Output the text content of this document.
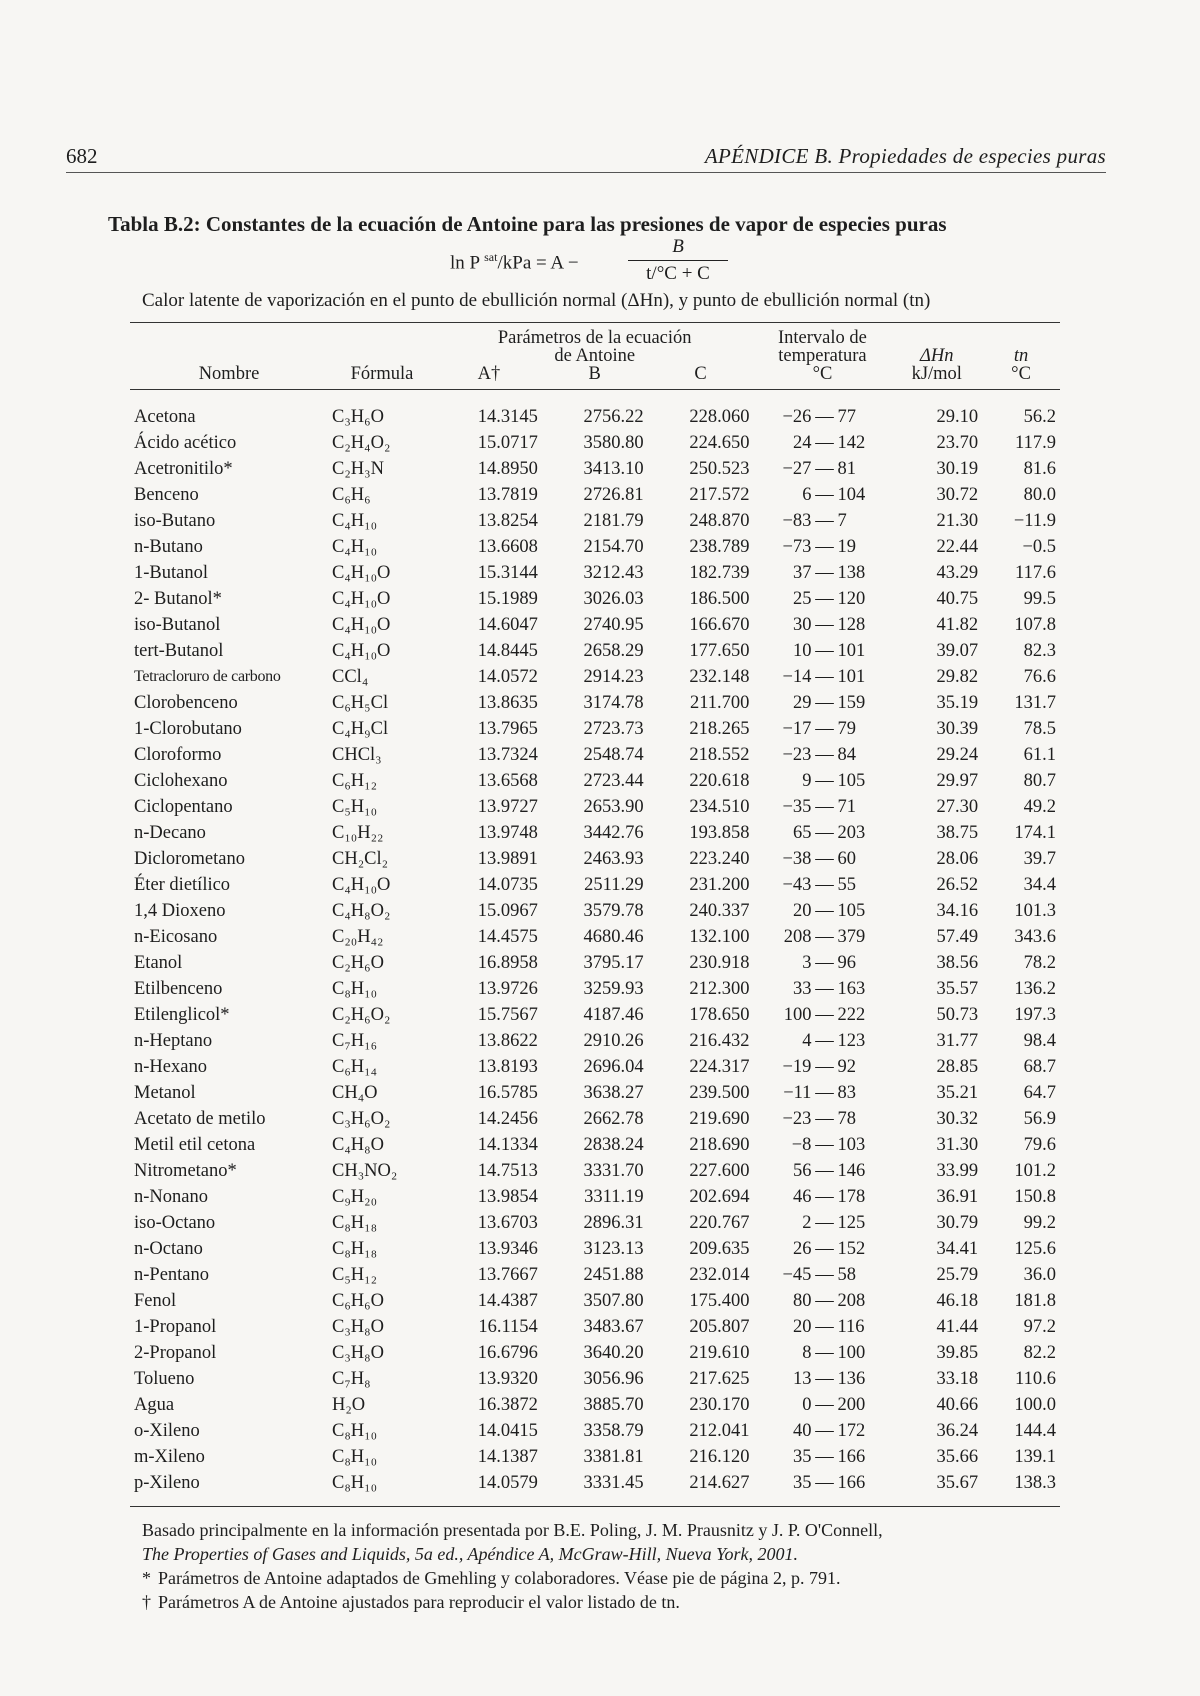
682	APÉNDICE B. Propiedades de especies puras
Tabla B.2: Constantes de la ecuación de Antoine para las presiones de vapor de especies puras
ln P $^{sat}$/kPa = A −
B
t/°C + C
Calor latente de vaporización en el punto de ebullición normal (ΔHn), y punto de ebullición normal (tn)
		Parámetros de la ecuación			Intervalo de		
		de Antoine			temperatura	ΔHn	tn
Nombre	Fórmula	A†	B	C	°C	kJ/mol	°C
Acetona	C₃H₆O	14.3145	2756.22	228.060	−26 — 77	29.10	56.2
Ácido acético	C₂H₄O₂	15.0717	3580.80	224.650	24 — 142	23.70	117.9
Acetronitilo*	C₂H₃N	14.8950	3413.10	250.523	−27 — 81	30.19	81.6
Benceno	C₆H₆	13.7819	2726.81	217.572	6 — 104	30.72	80.0
iso-Butano	C₄H₁₀	13.8254	2181.79	248.870	−83 — 7	21.30	−11.9
n-Butano	C₄H₁₀	13.6608	2154.70	238.789	−73 — 19	22.44	−0.5
1-Butanol	C₄H₁₀O	15.3144	3212.43	182.739	37 — 138	43.29	117.6
2- Butanol*	C₄H₁₀O	15.1989	3026.03	186.500	25 — 120	40.75	99.5
iso-Butanol	C₄H₁₀O	14.6047	2740.95	166.670	30 — 128	41.82	107.8
tert-Butanol	C₄H₁₀O	14.8445	2658.29	177.650	10 — 101	39.07	82.3
Tetracloruro de carbono	CCl₄	14.0572	2914.23	232.148	−14 — 101	29.82	76.6
Clorobenceno	C₆H₅Cl	13.8635	3174.78	211.700	29 — 159	35.19	131.7
1-Clorobutano	C₄H₉Cl	13.7965	2723.73	218.265	−17 — 79	30.39	78.5
Cloroformo	CHCl₃	13.7324	2548.74	218.552	−23 — 84	29.24	61.1
Ciclohexano	C₆H₁₂	13.6568	2723.44	220.618	9 — 105	29.97	80.7
Ciclopentano	C₅H₁₀	13.9727	2653.90	234.510	−35 — 71	27.30	49.2
n-Decano	C₁₀H₂₂	13.9748	3442.76	193.858	65 — 203	38.75	174.1
Diclorometano	CH₂Cl₂	13.9891	2463.93	223.240	−38 — 60	28.06	39.7
Éter dietílico	C₄H₁₀O	14.0735	2511.29	231.200	−43 — 55	26.52	34.4
1,4 Dioxeno	C₄H₈O₂	15.0967	3579.78	240.337	20 — 105	34.16	101.3
n-Eicosano	C₂₀H₄₂	14.4575	4680.46	132.100	208 — 379	57.49	343.6
Etanol	C₂H₆O	16.8958	3795.17	230.918	3 — 96	38.56	78.2
Etilbenceno	C₈H₁₀	13.9726	3259.93	212.300	33 — 163	35.57	136.2
Etilenglicol*	C₂H₆O₂	15.7567	4187.46	178.650	100 — 222	50.73	197.3
n-Heptano	C₇H₁₆	13.8622	2910.26	216.432	4 — 123	31.77	98.4
n-Hexano	C₆H₁₄	13.8193	2696.04	224.317	−19 — 92	28.85	68.7
Metanol	CH₄O	16.5785	3638.27	239.500	−11 — 83	35.21	64.7
Acetato de metilo	C₃H₆O₂	14.2456	2662.78	219.690	−23 — 78	30.32	56.9
Metil etil cetona	C₄H₈O	14.1334	2838.24	218.690	−8 — 103	31.30	79.6
Nitrometano*	CH₃NO₂	14.7513	3331.70	227.600	56 — 146	33.99	101.2
n-Nonano	C₉H₂₀	13.9854	3311.19	202.694	46 — 178	36.91	150.8
iso-Octano	C₈H₁₈	13.6703	2896.31	220.767	2 — 125	30.79	99.2
n-Octano	C₈H₁₈	13.9346	3123.13	209.635	26 — 152	34.41	125.6
n-Pentano	C₅H₁₂	13.7667	2451.88	232.014	−45 — 58	25.79	36.0
Fenol	C₆H₆O	14.4387	3507.80	175.400	80 — 208	46.18	181.8
1-Propanol	C₃H₈O	16.1154	3483.67	205.807	20 — 116	41.44	97.2
2-Propanol	C₃H₈O	16.6796	3640.20	219.610	8 — 100	39.85	82.2
Tolueno	C₇H₈	13.9320	3056.96	217.625	13 — 136	33.18	110.6
Agua	H₂O	16.3872	3885.70	230.170	0 — 200	40.66	100.0
o-Xileno	C₈H₁₀	14.0415	3358.79	212.041	40 — 172	36.24	144.4
m-Xileno	C₈H₁₀	14.1387	3381.81	216.120	35 — 166	35.66	139.1
p-Xileno	C₈H₁₀	14.0579	3331.45	214.627	35 — 166	35.67	138.3

Basado principalmente en la información presentada por B.E. Poling, J. M. Prausnitz y J. P. O'Connell,

The Properties of Gases and Liquids, 5a ed., Apéndice A, McGraw-Hill, Nueva York, 2001.

* Parámetros de Antoine adaptados de Gmehling y colaboradores. Véase pie de página 2, p. 791.

† Parámetros A de Antoine ajustados para reproducir el valor listado de tn.
